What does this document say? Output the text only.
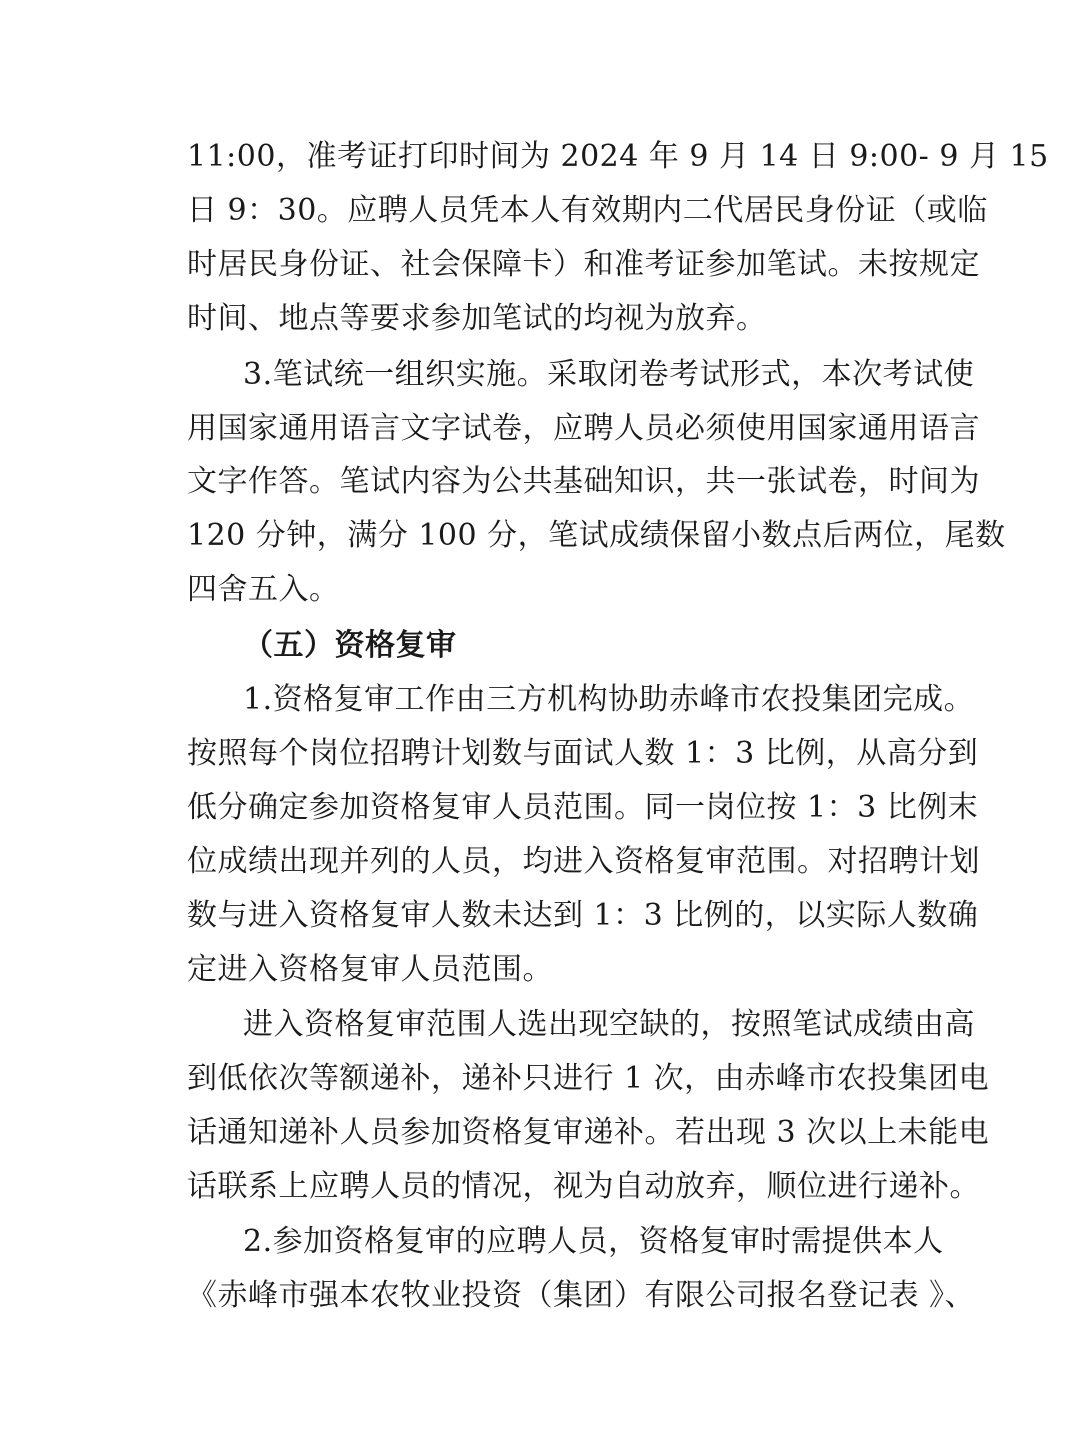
11:00，准考证打印时间为 2024 年 9 月 14 日 9:00- 9 月 15
日 9：30。应聘人员凭本人有效期内二代居民身份证（或临
时居民身份证、社会保障卡）和准考证参加笔试。未按规定
时间、地点等要求参加笔试的均视为放弃。
3.笔试统一组织实施。采取闭卷考试形式，本次考试使
用国家通用语言文字试卷，应聘人员必须使用国家通用语言
文字作答。笔试内容为公共基础知识，共一张试卷，时间为
120 分钟，满分 100 分，笔试成绩保留小数点后两位，尾数
四舍五入。
（五）资格复审
1.资格复审工作由三方机构协助赤峰市农投集团完成。
按照每个岗位招聘计划数与面试人数 1：3 比例，从高分到
低分确定参加资格复审人员范围。同一岗位按 1：3 比例末
位成绩出现并列的人员，均进入资格复审范围。对招聘计划
数与进入资格复审人数未达到 1：3 比例的，以实际人数确
定进入资格复审人员范围。
进入资格复审范围人选出现空缺的，按照笔试成绩由高
到低依次等额递补，递补只进行 1 次，由赤峰市农投集团电
话通知递补人员参加资格复审递补。若出现 3 次以上未能电
话联系上应聘人员的情况，视为自动放弃，顺位进行递补。
2.参加资格复审的应聘人员，资格复审时需提供本人
《赤峰市强本农牧业投资（集团）有限公司报名登记表 》、
